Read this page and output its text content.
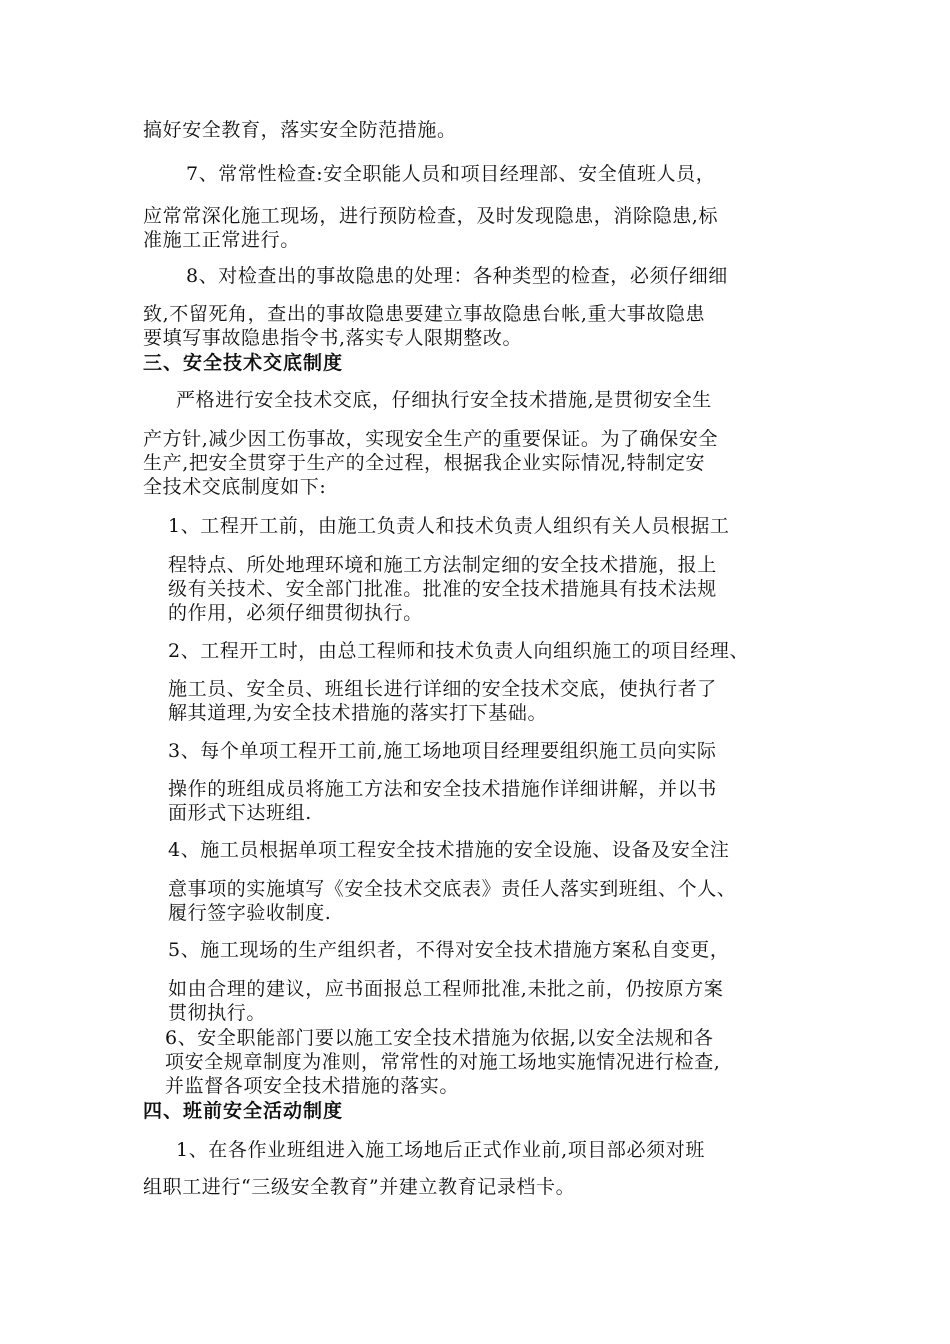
搞好安全教育，落实安全防范措施。
7、常常性检查:安全职能人员和项目经理部、安全值班人员，
应常常深化施工现场，进行预防检查，及时发现隐患，消除隐患,标
准施工正常进行。
8、对检查出的事故隐患的处理：各种类型的检查，必须仔细细
致,不留死角，查出的事故隐患要建立事故隐患台帐,重大事故隐患
要填写事故隐患指令书,落实专人限期整改。
三、安全技术交底制度
严格进行安全技术交底，仔细执行安全技术措施,是贯彻安全生
产方针,减少因工伤事故，实现安全生产的重要保证。为了确保安全
生产,把安全贯穿于生产的全过程，根据我企业实际情况,特制定安
全技术交底制度如下:
1、工程开工前，由施工负责人和技术负责人组织有关人员根据工
程特点、所处地理环境和施工方法制定细的安全技术措施，报上
级有关技术、安全部门批准。批准的安全技术措施具有技术法规
的作用，必须仔细贯彻执行。
2、工程开工时，由总工程师和技术负责人向组织施工的项目经理、
施工员、安全员、班组长进行详细的安全技术交底，使执行者了
解其道理,为安全技术措施的落实打下基础。
3、每个单项工程开工前,施工场地项目经理要组织施工员向实际
操作的班组成员将施工方法和安全技术措施作详细讲解，并以书
面形式下达班组.
4、施工员根据单项工程安全技术措施的安全设施、设备及安全注
意事项的实施填写《安全技术交底表》责任人落实到班组、个人、
履行签字验收制度.
5、施工现场的生产组织者，不得对安全技术措施方案私自变更，
如由合理的建议，应书面报总工程师批准,未批之前，仍按原方案
贯彻执行。
6、安全职能部门要以施工安全技术措施为依据,以安全法规和各
项安全规章制度为准则，常常性的对施工场地实施情况进行检查,
并监督各项安全技术措施的落实。
四、班前安全活动制度
1、在各作业班组进入施工场地后正式作业前,项目部必须对班
组职工进行“三级安全教育”并建立教育记录档卡。
